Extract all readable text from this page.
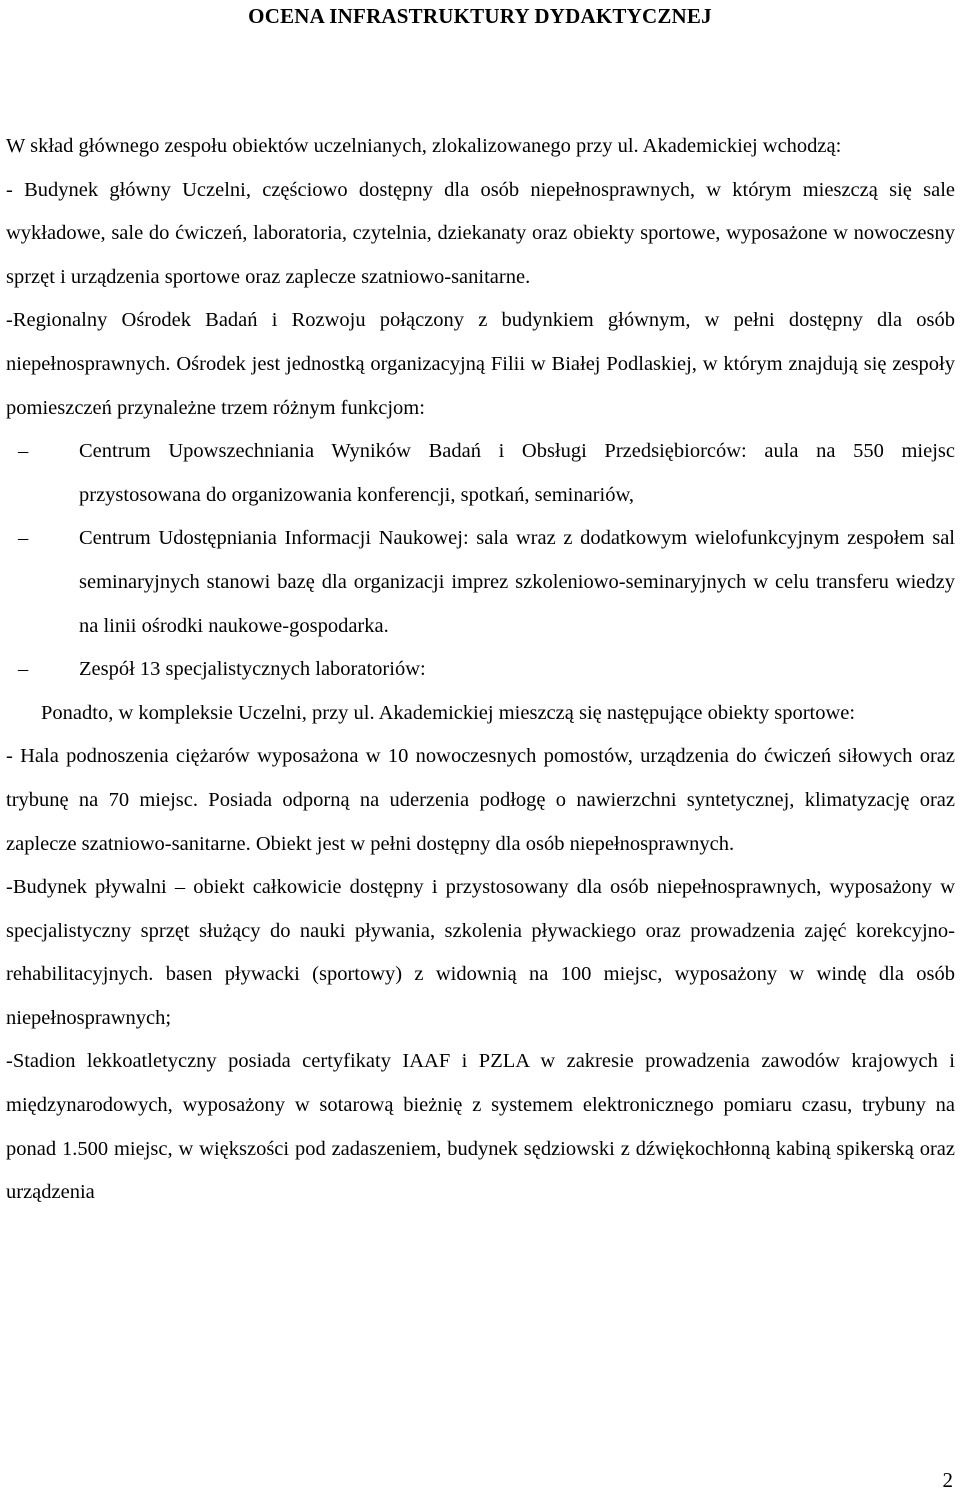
OCENA INFRASTRUKTURY DYDAKTYCZNEJ

W skład głównego zespołu obiektów uczelnianych, zlokalizowanego przy ul. Akademickiej wchodzą:

- Budynek główny Uczelni, częściowo dostępny dla osób niepełnosprawnych, w którym mieszczą się sale wykładowe, sale do ćwiczeń, laboratoria, czytelnia, dziekanaty oraz obiekty sportowe, wyposażone w nowoczesny sprzęt i urządzenia sportowe oraz zaplecze szatniowo-sanitarne.

-Regionalny Ośrodek Badań i Rozwoju połączony z budynkiem głównym, w pełni dostępny dla osób niepełnosprawnych. Ośrodek jest jednostką organizacyjną Filii w Białej Podlaskiej, w którym znajdują się zespoły pomieszczeń przynależne trzem różnym funkcjom:

–	Centrum Upowszechniania Wyników Badań i Obsługi Przedsiębiorców: aula na 550 miejsc przystosowana do organizowania konferencji, spotkań, seminariów,
–	Centrum Udostępniania Informacji Naukowej: sala wraz z dodatkowym wielofunkcyjnym zespołem sal seminaryjnych stanowi bazę dla organizacji imprez szkoleniowo-seminaryjnych w celu transferu wiedzy na linii ośrodki naukowe-gospodarka.
–	Zespół 13 specjalistycznych laboratoriów:

Ponadto, w kompleksie Uczelni, przy ul. Akademickiej mieszczą się następujące obiekty sportowe:

- Hala podnoszenia ciężarów wyposażona w 10 nowoczesnych pomostów, urządzenia do ćwiczeń siłowych oraz trybunę na 70 miejsc. Posiada odporną na uderzenia podłogę o nawierzchni syntetycznej, klimatyzację oraz zaplecze szatniowo-sanitarne. Obiekt jest w pełni dostępny dla osób niepełnosprawnych.

-Budynek pływalni – obiekt całkowicie dostępny i przystosowany dla osób niepełnosprawnych, wyposażony w specjalistyczny sprzęt służący do nauki pływania, szkolenia pływackiego oraz prowadzenia zajęć korekcyjno-rehabilitacyjnych. basen pływacki (sportowy) z widownią na 100 miejsc, wyposażony w windę dla osób niepełnosprawnych;

-Stadion lekkoatletyczny posiada certyfikaty IAAF i PZLA w zakresie prowadzenia zawodów krajowych i międzynarodowych, wyposażony w sotarową bieżnię z systemem elektronicznego pomiaru czasu, trybuny na ponad 1.500 miejsc, w większości pod zadaszeniem, budynek sędziowski z dźwiękochłonną kabiną spikerską oraz urządzenia

2
